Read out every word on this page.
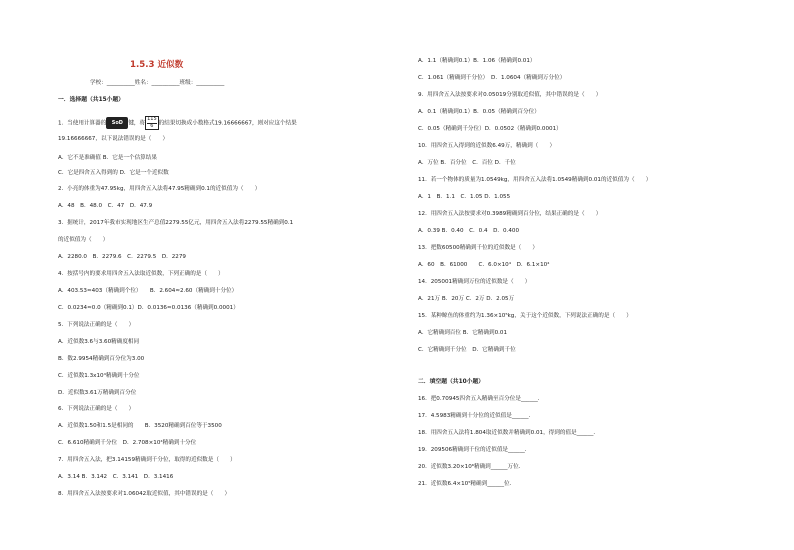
1.5.3 近似数
学校：__________姓名：__________班级：__________
一．选择题（共15小题）
1．当使用计算器的 SoD 键，将 $\frac{115}{6}$ 的结果切换成小数格式19.16666667，则对应这个结果
19.16666667，以下说法错误的是（　　）
A．它不是准确值 B．它是一个估算结果
C．它是四舍五入得到的 D．它是一个近似数
2．小亮的体重为47.95kg，用四舍五入法将47.95精确到0.1的近似值为（　　）
A．48　B．48.0　C．47　D．47.9
3．据统计，2017年我市实现地区生产总值2279.55亿元，用四舍五入法将2279.55精确到0.1
的近似值为（　　）
A．2280.0　B．2279.6　C．2279.5　D．2279
4．按括号内的要求用四舍五入法取近似数，下列正确的是（　　）
A．403.53≈403（精确到个位）　　B．2.604≈2.60（精确到十分位）
C．0.0234≈0.0（精确到0.1）D．0.0136≈0.0136（精确到0.0001）
5．下列说法正确的是（　　）
A．近似数3.6与3.60精确度相同
B．数2.9954精确到百分位为3.00
C．近似数1.3x10⁴精确到十分位
D．近似数3.61万精确到百分位
6．下列说法正确的是（　　）
A．近似数1.50和1.5是相同的　　B．3520精确到百位等于3500
C．6.610精确到千分位　D．2.708×10⁴精确到十分位
7．用四舍五入法，把3.14159精确到千分位，取得的近似数是（　　）
A．3.14 B．3.142　C．3.141　D．3.1416
8．用四舍五入法按要求对1.06042取近似值，其中错误的是（　　）
A．1.1（精确到0.1）B．1.06（精确到0.01）
C．1.061（精确到千分位）　D．1.0604（精确到万分位）
9．用四舍五入法按要求对0.05019分别取近似值，其中错误的是（　　）
A．0.1（精确到0.1）B．0.05（精确到百分位）
C．0.05（精确到千分位）D．0.0502（精确到0.0001）
10．用四舍五入得到的近似数6.49万，精确到（　　）
A．万位 B．百分位　C．百位 D．千位
11．若一个物体的质量为1.0549kg，用四舍五入法将1.0549精确到0.01的近似值为（　　）
A．1　B．1.1　C．1.05 D．1.055
12．用四舍五入法按要求对0.3989精确到百分位，结果正确的是（　　）
A．0.39 B．0.40　C．0.4　D．0.400
13．把数60500精确到千位的近似数是（　　）
A．60　B．61000　　C．6.0×10⁴　D．6.1×10⁴
14．205001精确到万位的近似数是（　　）
A．21万 B．20万 C．2万 D．2.05万
15．某种鲸鱼的体重约为1.36×10⁵kg，关于这个近似数，下列说法正确的是（　　）
A．它精确到百位 B．它精确到0.01
C．它精确到千分位　D．它精确到千位
二．填空题（共10小题）
16．把0.70945四舍五入精确至百分位是______．
17．4.5983精确到十分位的近似值是______．
18．用四舍五入法将1.804取近似数并精确到0.01，得到的值是______．
19．209506精确到千位的近似值是______．
20．近似数3.20×10⁶精确到______万位．
21．近似数6.4×10⁵精确到______位．
